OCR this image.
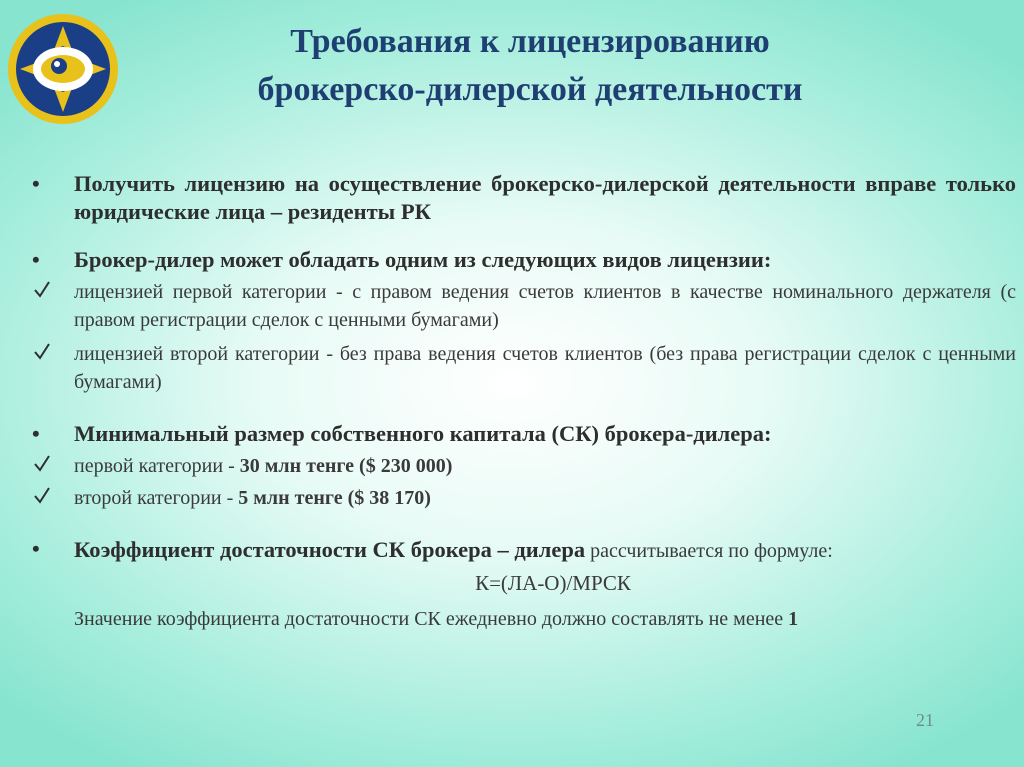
Требования к лицензированию
брокерско-дилерской деятельности
• Получить лицензию на осуществление брокерско-дилерской деятельности вправе только юридические лица – резиденты РК
• Брокер-дилер может обладать одним из следующих видов лицензии:
лицензией первой категории - с правом ведения счетов клиентов в качестве номинального держателя (с правом регистрации сделок с ценными бумагами)
лицензией второй категории - без права ведения счетов клиентов (без права регистрации сделок с ценными бумагами)
• Минимальный размер собственного капитала (СК) брокера-дилера:
первой категории - 30 млн тенге ($ 230 000)
второй категории - 5 млн тенге ($ 38 170)
• Коэффициент достаточности СК брокера – дилера рассчитывается по формуле:
К=(ЛА-О)/МРСК
Значение коэффициента достаточности СК ежедневно должно составлять не менее 1
21
